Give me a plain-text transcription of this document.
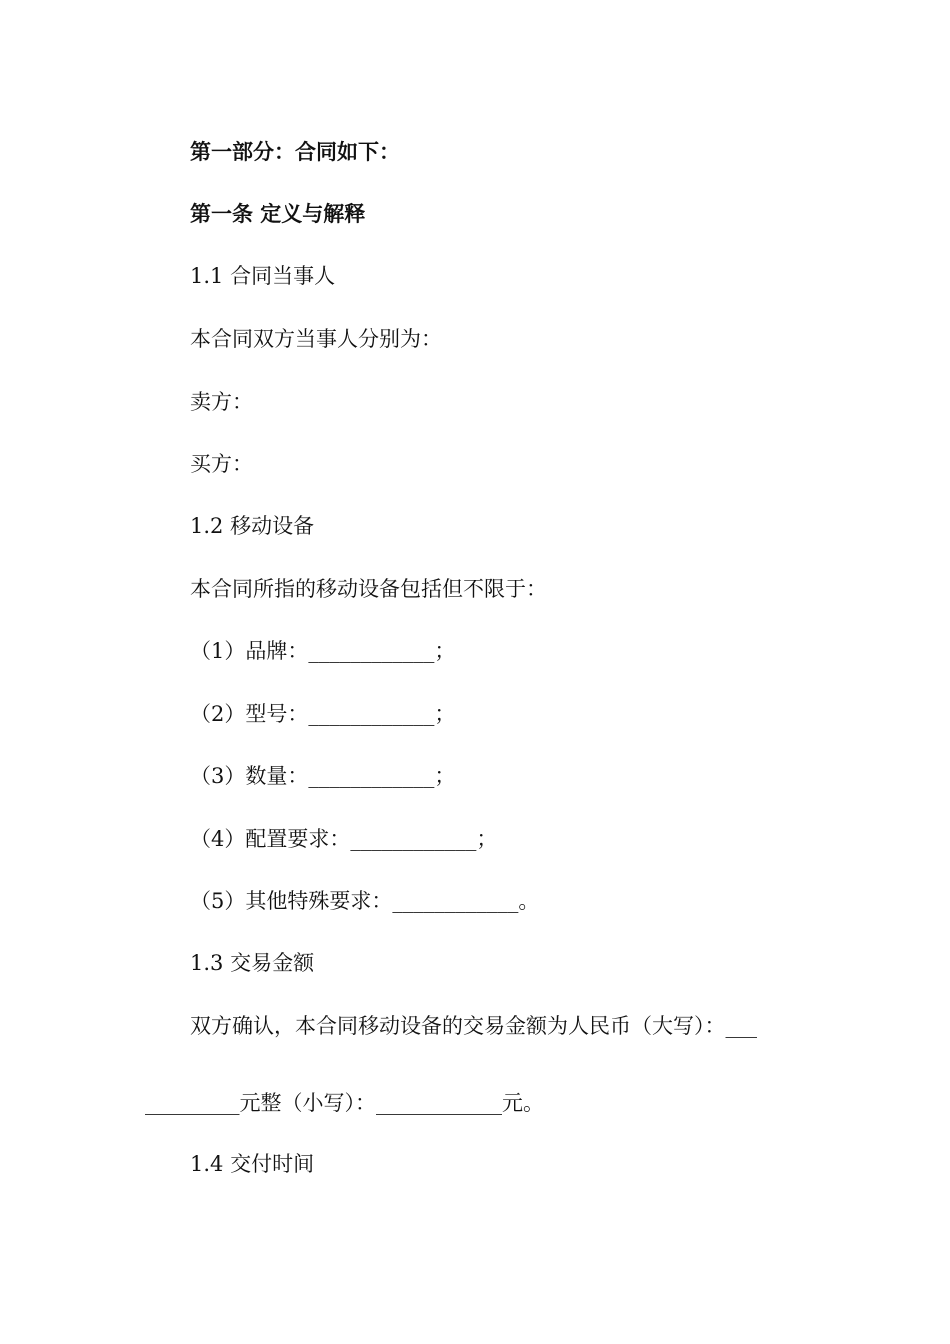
第一部分：合同如下：
第一条 定义与解释
1.1 合同当事人
本合同双方当事人分别为：
卖方：
买方：
1.2 移动设备
本合同所指的移动设备包括但不限于：
（1）品牌：____________；
（2）型号：____________；
（3）数量：____________；
（4）配置要求：____________；
（5）其他特殊要求：____________。
1.3 交易金额
双方确认，本合同移动设备的交易金额为人民币（大写）：___
_________元整（小写）：____________元。
1.4 交付时间
